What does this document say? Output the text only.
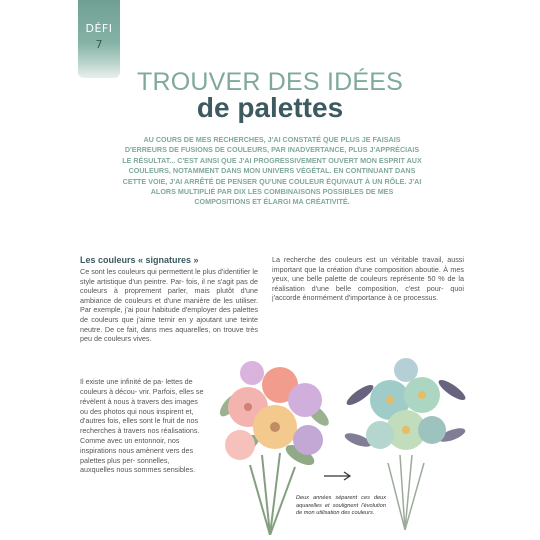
DÉFI
7
TROUVER DES IDÉES
de palettes
AU COURS DE MES RECHERCHES, J'AI CONSTATÉ QUE PLUS JE FAISAIS D'ERREURS DE FUSIONS DE COULEURS, PAR INADVERTANCE, PLUS J'APPRÉCIAIS LE RÉSULTAT... C'EST AINSI QUE J'AI PROGRESSIVEMENT OUVERT MON ESPRIT AUX COULEURS, NOTAMMENT DANS MON UNIVERS VÉGÉTAL. EN CONTINUANT DANS CETTE VOIE, J'AI ARRÊTÉ DE PENSER QU'UNE COULEUR ÉQUIVAUT À UN RÔLE. J'AI ALORS MULTIPLIÉ PAR DIX LES COMBINAISONS POSSIBLES DE MES COMPOSITIONS ET ÉLARGI MA CRÉATIVITÉ.
Les couleurs « signatures »

Ce sont les couleurs qui permettent le plus d'identifier le style artistique d'un peintre. Par- fois, il ne s'agit pas de couleurs à proprement parler, mais plutôt d'une ambiance de couleurs et d'une manière de les utiliser. Par exemple, j'ai pour habitude d'employer des palettes de couleurs que j'aime ternir en y ajoutant une teinte neutre. De ce fait, dans mes aquarelles, on trouve très peu de couleurs vives.

Il existe une infinité de pa- lettes de couleurs à décou- vrir. Parfois, elles se révèlent à nous à travers des images ou des photos qui nous inspirent et, d'autres fois, elles sont le fruit de nos recherches à travers nos réalisations. Comme avec un entonnoir, nos inspirations nous amènent vers des palettes plus per- sonnelles, auxquelles nous sommes sensibles.

La recherche des couleurs est un véritable travail, aussi important que la création d'une composition aboutie. À mes yeux, une belle palette de couleurs représente 50 % de la réalisation d'une belle composition, c'est pour- quoi j'accorde énormément d'importance à ce processus.
Deux années séparent ces deux aquarelles et soulignent l'évolution de mon utilisation des couleurs.
